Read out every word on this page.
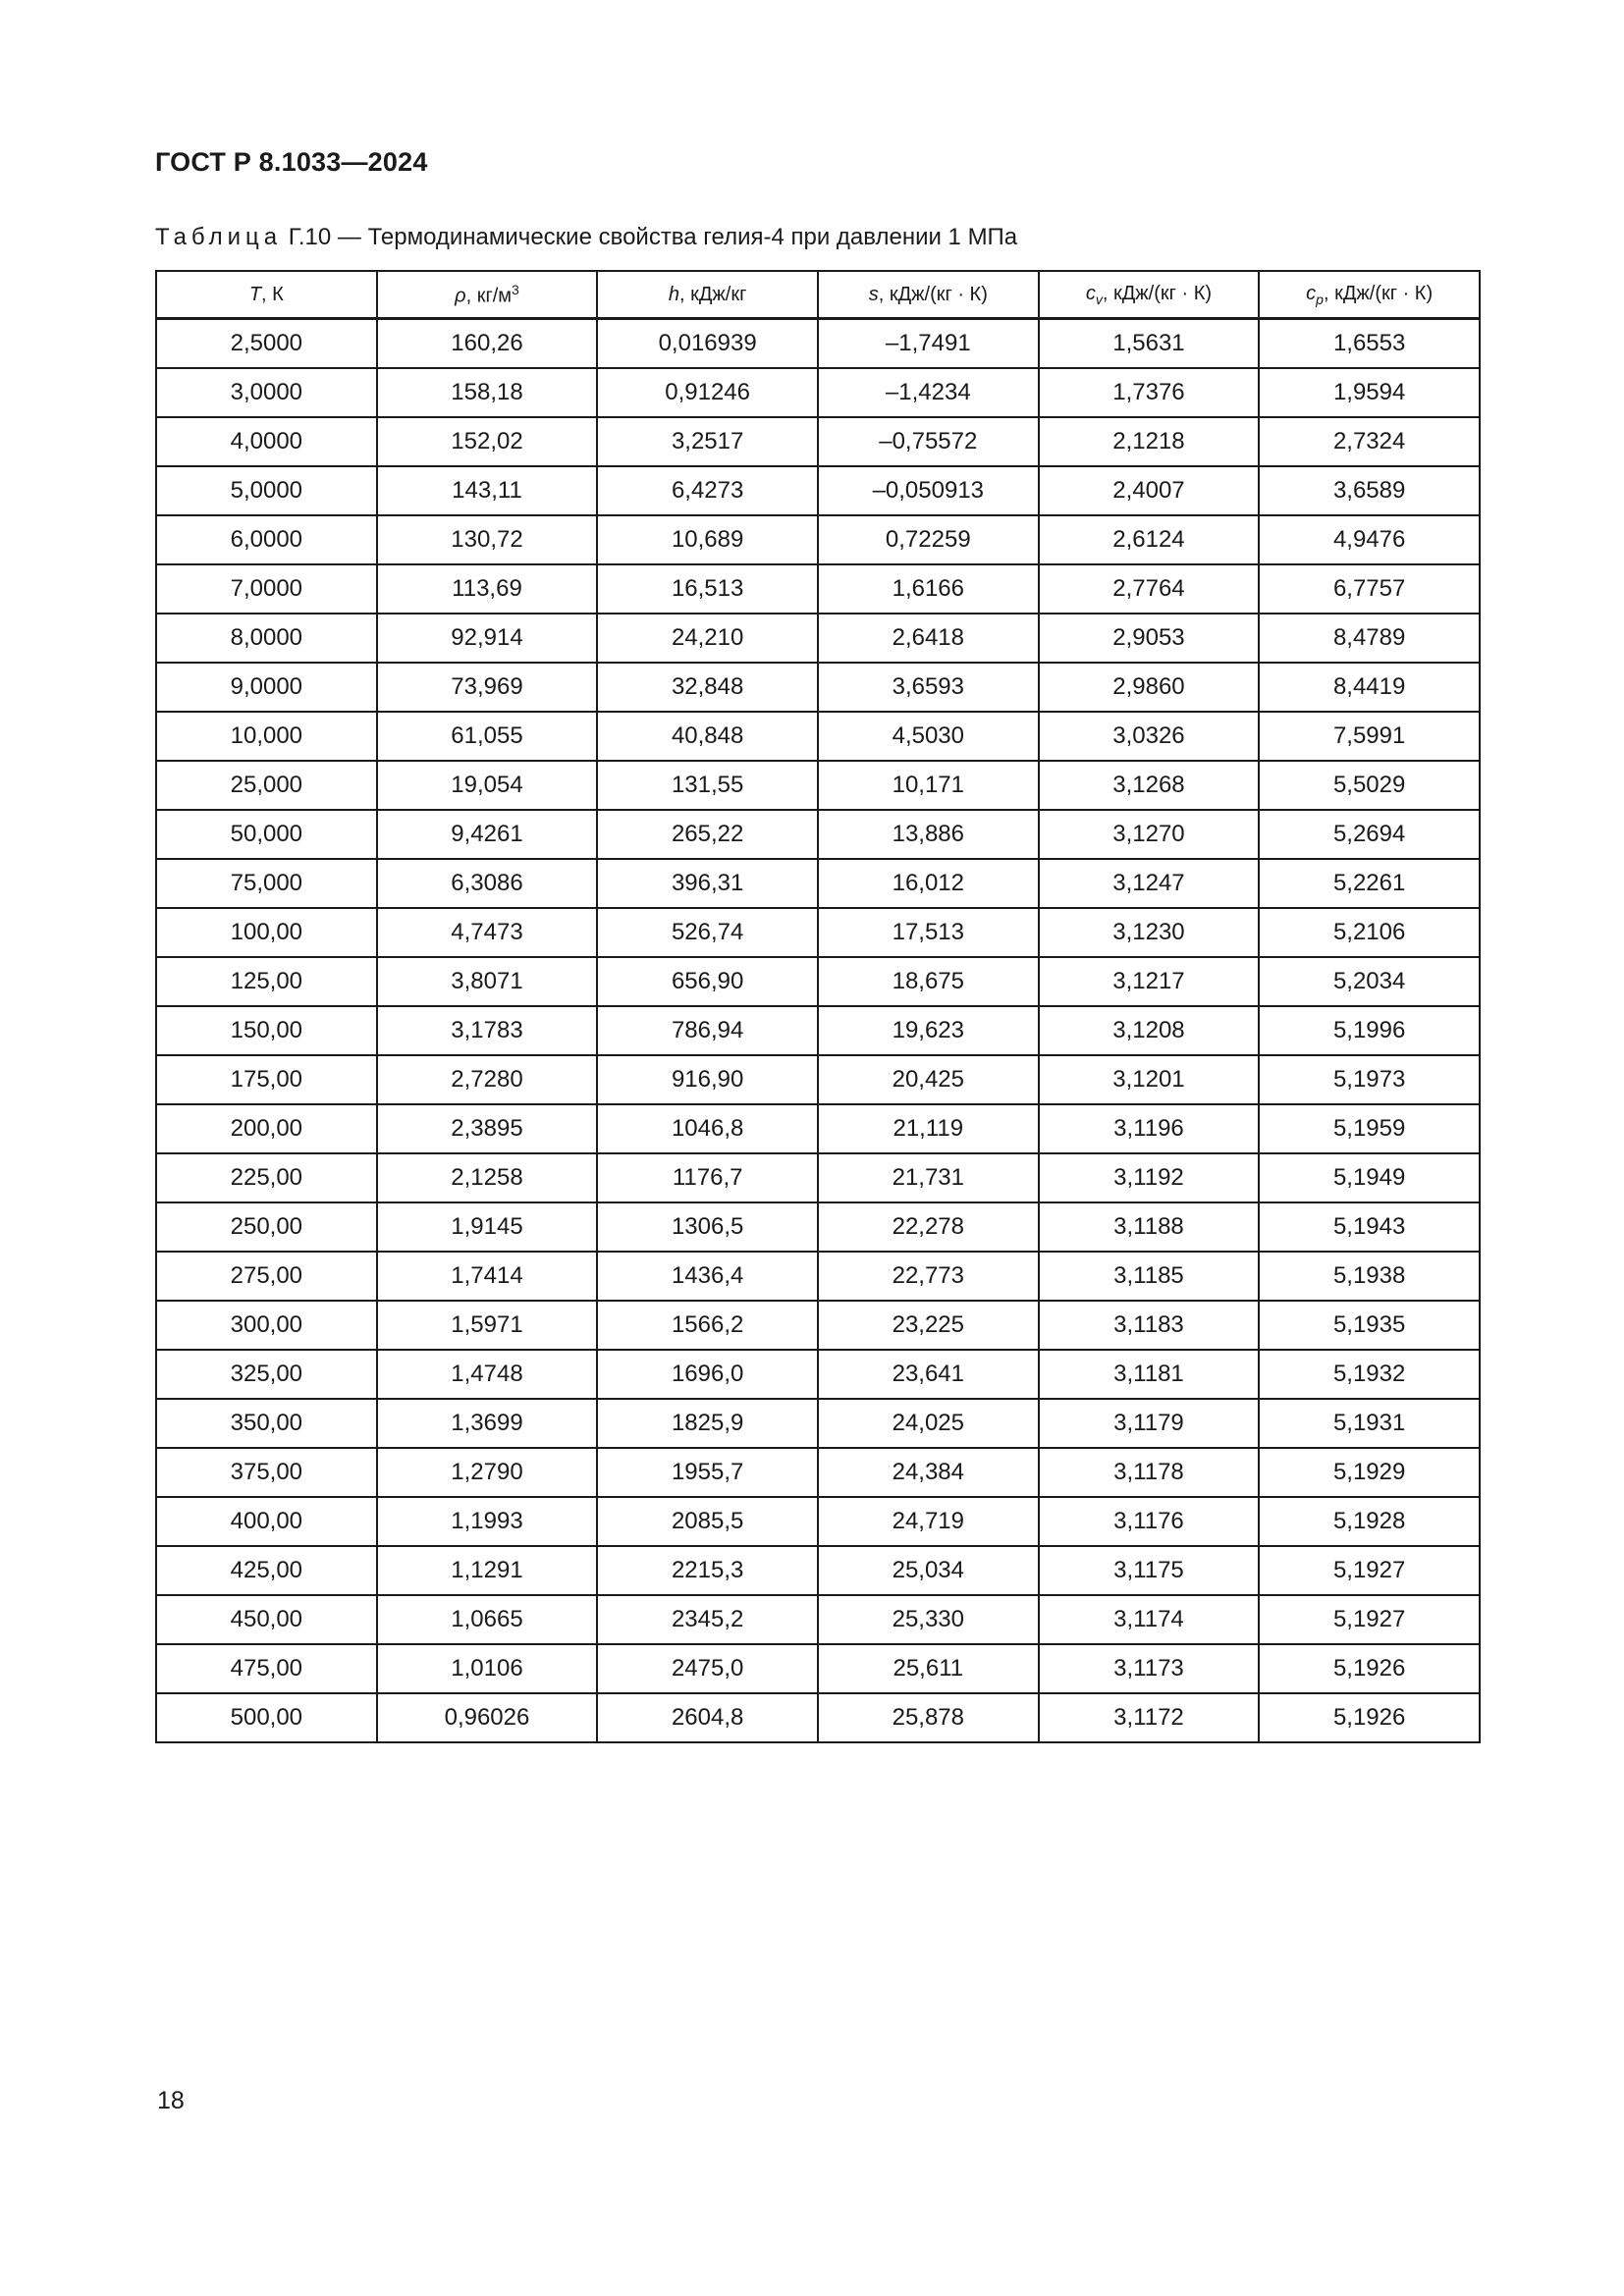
ГОСТ Р 8.1033—2024
Таблица Г.10 — Термодинамические свойства гелия-4 при давлении 1 МПа
T, К	ρ, $кг/м^3$	h, кДж/кг	s, кДж/(кг · К)	$c_v$, кДж/(кг · К)	$c_p$, кДж/(кг · К)
2,5000	160,26	0,016939	–1,7491	1,5631	1,6553
3,0000	158,18	0,91246	–1,4234	1,7376	1,9594
4,0000	152,02	3,2517	–0,75572	2,1218	2,7324
5,0000	143,11	6,4273	–0,050913	2,4007	3,6589
6,0000	130,72	10,689	0,72259	2,6124	4,9476
7,0000	113,69	16,513	1,6166	2,7764	6,7757
8,0000	92,914	24,210	2,6418	2,9053	8,4789
9,0000	73,969	32,848	3,6593	2,9860	8,4419
10,000	61,055	40,848	4,5030	3,0326	7,5991
25,000	19,054	131,55	10,171	3,1268	5,5029
50,000	9,4261	265,22	13,886	3,1270	5,2694
75,000	6,3086	396,31	16,012	3,1247	5,2261
100,00	4,7473	526,74	17,513	3,1230	5,2106
125,00	3,8071	656,90	18,675	3,1217	5,2034
150,00	3,1783	786,94	19,623	3,1208	5,1996
175,00	2,7280	916,90	20,425	3,1201	5,1973
200,00	2,3895	1046,8	21,119	3,1196	5,1959
225,00	2,1258	1176,7	21,731	3,1192	5,1949
250,00	1,9145	1306,5	22,278	3,1188	5,1943
275,00	1,7414	1436,4	22,773	3,1185	5,1938
300,00	1,5971	1566,2	23,225	3,1183	5,1935
325,00	1,4748	1696,0	23,641	3,1181	5,1932
350,00	1,3699	1825,9	24,025	3,1179	5,1931
375,00	1,2790	1955,7	24,384	3,1178	5,1929
400,00	1,1993	2085,5	24,719	3,1176	5,1928
425,00	1,1291	2215,3	25,034	3,1175	5,1927
450,00	1,0665	2345,2	25,330	3,1174	5,1927
475,00	1,0106	2475,0	25,611	3,1173	5,1926
500,00	0,96026	2604,8	25,878	3,1172	5,1926
18
